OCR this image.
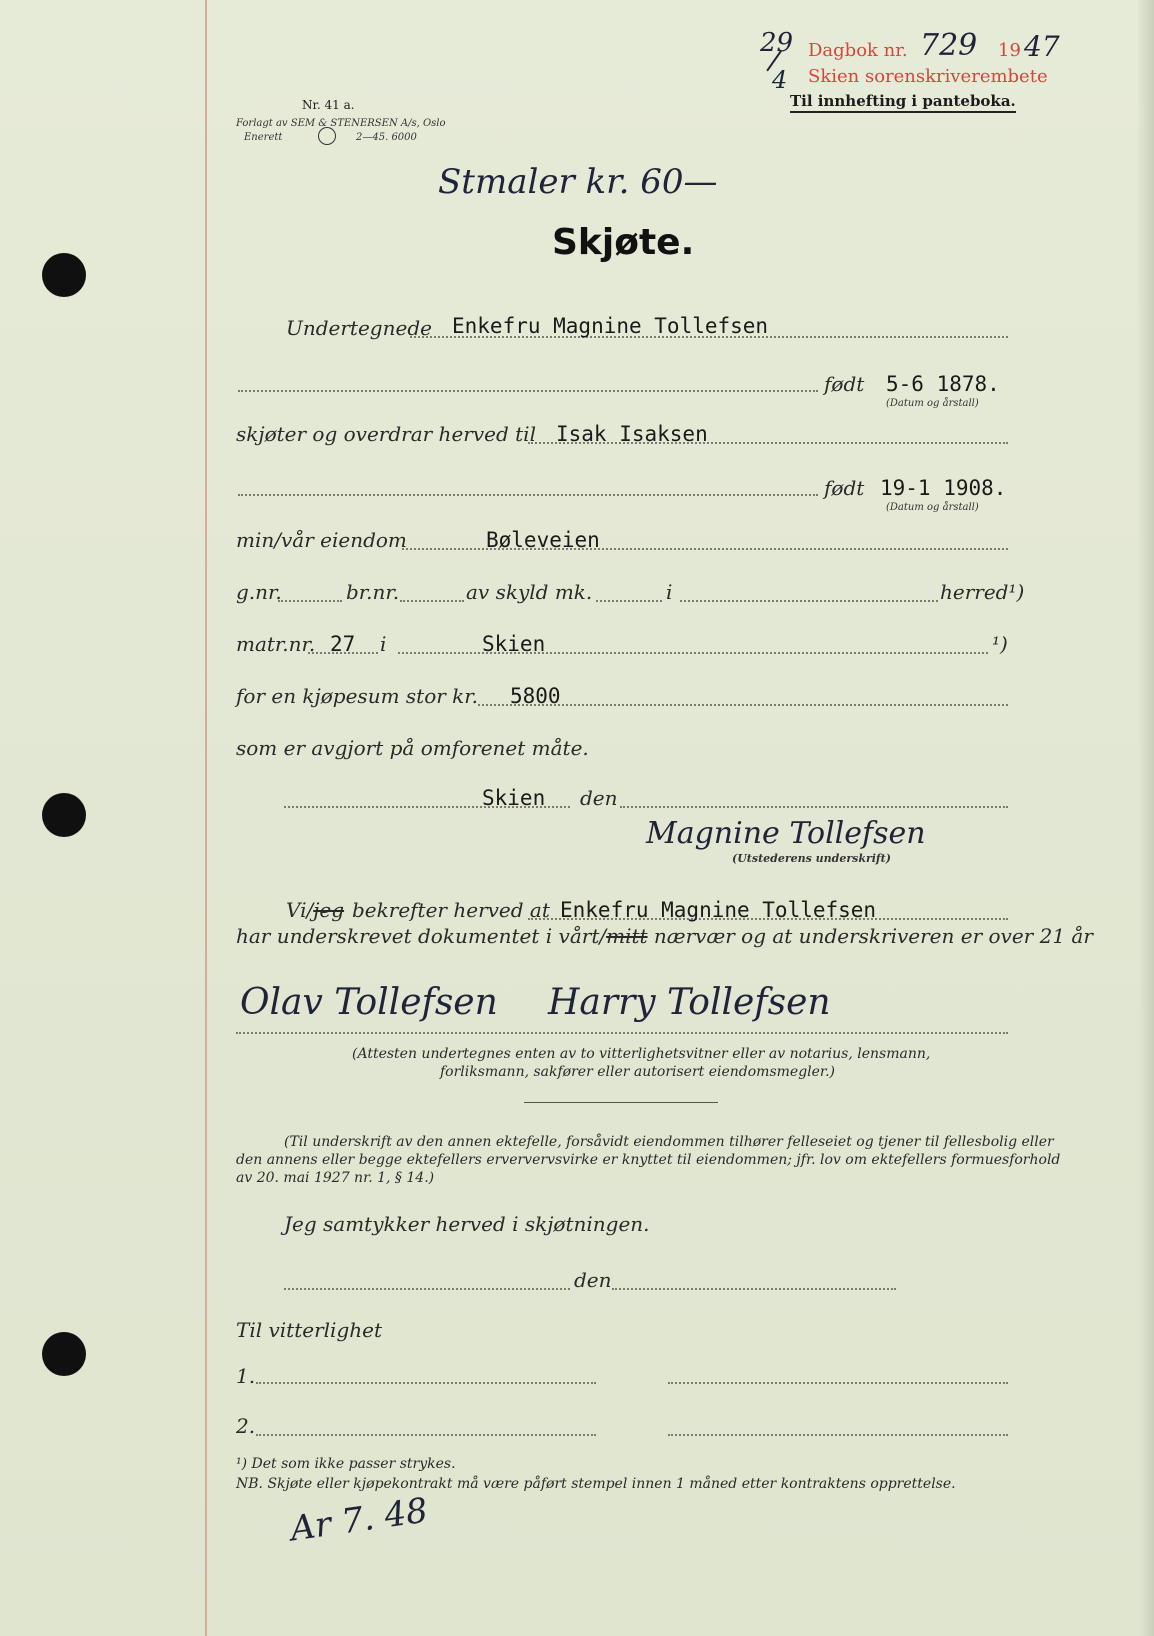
29
4
Dagbok nr. 729 19 47
Skien sorenskriverembete
Til innhefting i panteboka.
Nr. 41 a.
Forlagt av SEM & STENERSEN A/s, Oslo
Enerett	2—45. 6000
Stmaler kr. 60—
Skjøte.
Undertegnede Enkefru Magnine Tollefsen
født 5-6 1878.
(Datum og årstall)
skjøter og overdrar herved til Isak Isaksen
født 19-1 1908.
(Datum og årstall)
min/vår eiendom	Bøleveien
g.nr.	br.nr.	av skyld mk.	i	herred¹)
matr.nr. 27 i	Skien	¹)
for en kjøpesum stor kr. 5800
som er avgjort på omforenet måte.
Skien den
Magnine Tollefsen
(Utstederens underskrift)
Vi/jeg bekrefter herved at Enkefru Magnine Tollefsen
har underskrevet dokumentet i vårt/mitt nærvær og at underskriveren er over 21 år
Olav Tollefsen Harry Tollefsen
(Attesten undertegnes enten av to vitterlighetsvitner eller av notarius, lensmann,
forliksmann, sakfører eller autorisert eiendomsmegler.)
(Til underskrift av den annen ektefelle, forsåvidt eiendommen tilhører felleseiet og tjener til fellesbolig eller
den annens eller begge ektefellers erververvsvirke er knyttet til eiendommen; jfr. lov om ektefellers formuesforhold
av 20. mai 1927 nr. 1, § 14.)
Jeg samtykker herved i skjøtningen.
den
Til vitterlighet
1.
2.
¹) Det som ikke passer strykes.
NB. Skjøte eller kjøpekontrakt må være påført stempel innen 1 måned etter kontraktens opprettelse.
Ar 7. 48
